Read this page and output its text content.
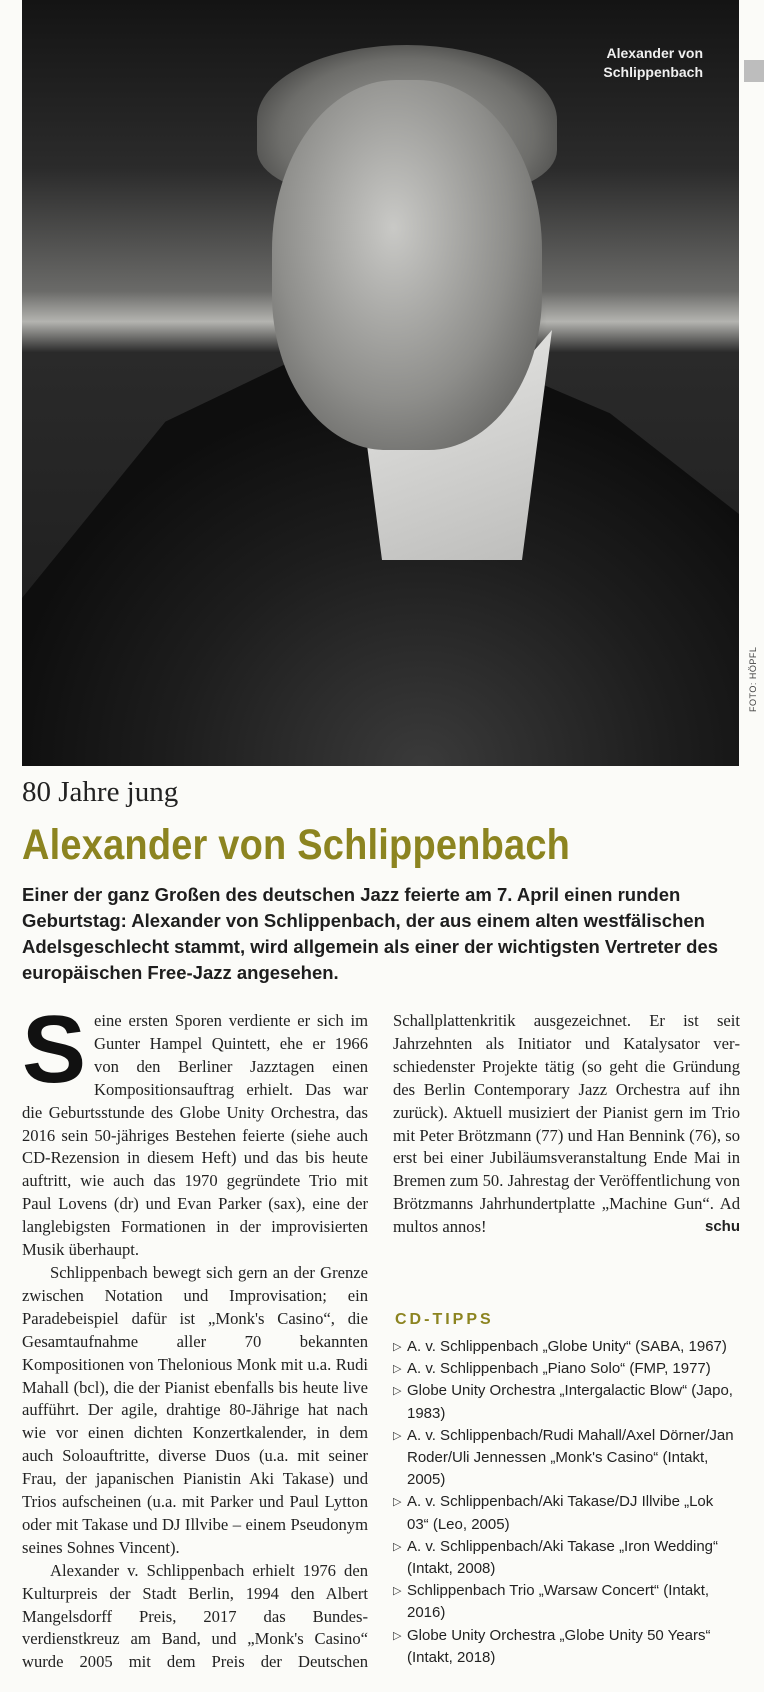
Alexander von
Schlippenbach
FOTO: HÖPFL
80 Jahre jung
Alexander von Schlippenbach
Einer der ganz Großen des deutschen Jazz feierte am 7. April einen runden Geburtstag: Alexander von Schlippenbach, der aus einem alten westfälischen Adelsgeschlecht stammt, wird allgemein als einer der wichtigsten Vertreter des europäischen Free-Jazz angesehen.

Seine ersten Sporen verdiente er sich im Gunter Hampel Quintett, ehe er 1966 von den Berliner Jazztagen einen Kompositionsauftrag erhielt. Das war die Geburtsstunde des Globe Unity Orchestra, das 2016 sein 50-jähriges Bestehen feierte (siehe auch CD-Rezension in diesem Heft) und das bis heute auftritt, wie auch das 1970 gegründete Trio mit Paul Lovens (dr) und Evan Parker (sax), eine der langlebigsten Formationen in der improvisierten Musik überhaupt.

Schlippenbach bewegt sich gern an der Grenze zwischen Notation und Improvisation; ein Paradebeispiel dafür ist „Monk's Casino“, die Gesamtaufnahme aller 70 bekannten Kompositionen von Thelonious Monk mit u.a. Rudi Mahall (bcl), die der Pianist ebenfalls bis heute live aufführt. Der agile, drahtige 80-Jährige hat nach wie vor einen dichten Konzertkalender, in dem auch Soloauftritte, diverse Duos (u.a. mit seiner Frau, der japanischen Pianistin Aki Takase) und Trios aufscheinen (u.a. mit Parker und Paul Lytton oder mit Takase und DJ Illvibe – einem Pseudonym seines Sohnes Vincent).

Alexander v. Schlippenbach erhielt 1976 den Kulturpreis der Stadt Berlin, 1994 den Albert Mangelsdorff Preis, 2017 das Bundesverdienstkreuz am Band, und „Monk's Casino“ wurde 2005 mit dem Preis der Deutschen

Schallplattenkritik ausgezeichnet. Er ist seit Jahrzehnten als Initiator und Katalysator verschiedenster Projekte tätig (so geht die Gründung des Berlin Contemporary Jazz Orchestra auf ihn zurück). Aktuell musiziert der Pianist gern im Trio mit Peter Brötzmann (77) und Han Bennink (76), so erst bei einer Jubiläumsveranstaltung Ende Mai in Bremen zum 50. Jahrestag der Veröffentlichung von Brötzmanns Jahrhundertplatte „Machine Gun“. Ad multos annos!	schu

CD-TIPPS
▷ A. v. Schlippenbach „Globe Unity“ (SABA, 1967)
▷ A. v. Schlippenbach „Piano Solo“ (FMP, 1977)
▷ Globe Unity Orchestra „Intergalactic Blow“ (Japo, 1983)
▷ A. v. Schlippenbach/Rudi Mahall/Axel Dörner/Jan Roder/Uli Jennessen „Monk's Casino“ (Intakt, 2005)
▷ A. v. Schlippenbach/Aki Takase/DJ Illvibe „Lok 03“ (Leo, 2005)
▷ A. v. Schlippenbach/Aki Takase „Iron Wedding“ (Intakt, 2008)
▷ Schlippenbach Trio „Warsaw Concert“ (Intakt, 2016)
▷ Globe Unity Orchestra „Globe Unity 50 Years“ (Intakt, 2018)
